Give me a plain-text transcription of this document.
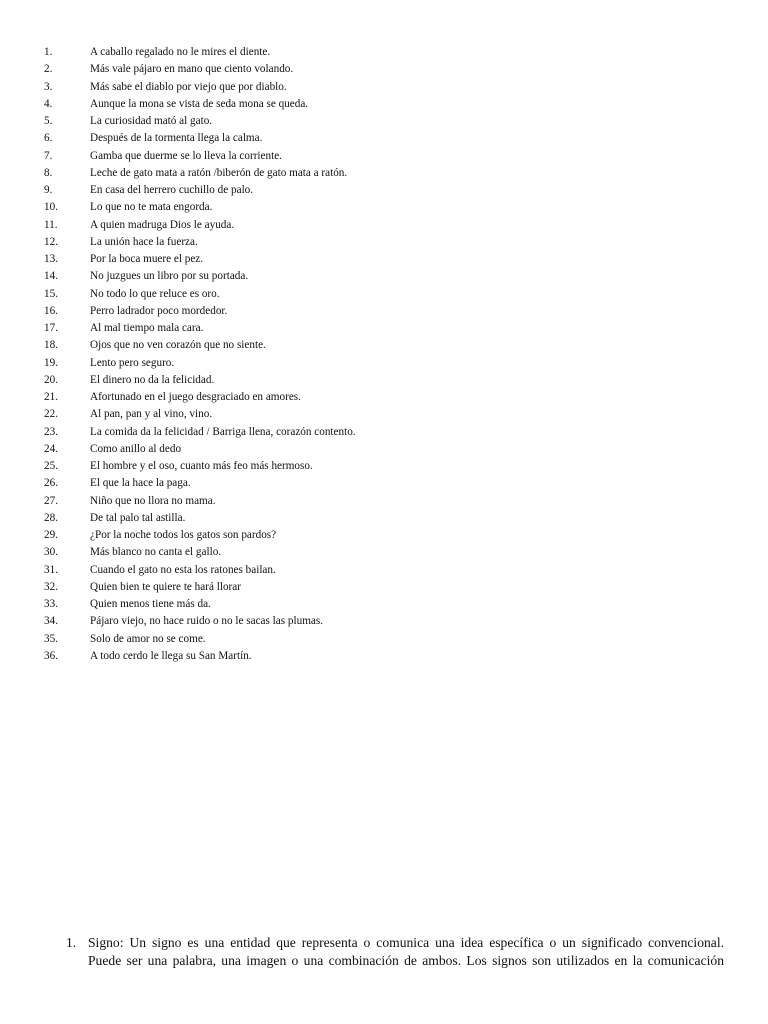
1.	A caballo regalado no le mires el diente.
2.	Más vale pájaro en mano que ciento volando.
3.	Más sabe el diablo por viejo que por diablo.
4.	Aunque la mona se vista de seda mona se queda.
5.	La curiosidad mató al gato.
6.	Después de la tormenta llega la calma.
7.	Gamba que duerme se lo lleva la corriente.
8.	Leche de gato mata a ratón /biberón de gato mata a ratón.
9.	En casa del herrero cuchillo de palo.
10.	Lo que no te mata engorda.
11.	A quien madruga Dios le ayuda.
12.	La unión hace la fuerza.
13.	Por la boca muere el pez.
14.	No juzgues un libro por su portada.
15.	No todo lo que reluce es oro.
16.	Perro ladrador poco mordedor.
17.	Al mal tiempo mala cara.
18.	Ojos que no ven corazón que no siente.
19.	Lento pero seguro.
20.	El dinero no da la felicidad.
21.	Afortunado en el juego desgraciado en amores.
22.	Al pan, pan y al vino, vino.
23.	La comida da la felicidad / Barriga llena, corazón contento.
24.	Como anillo al dedo
25.	El hombre y el oso, cuanto más feo más hermoso.
26.	El que la hace la paga.
27.	Niño que no llora no mama.
28.	De tal palo tal astilla.
29.	¿Por la noche todos los gatos son pardos?
30.	Más blanco no canta el gallo.
31.	Cuando el gato no esta los ratones bailan.
32.	Quien bien te quiere te hará llorar
33.	Quien menos tiene más da.
34.	Pájaro viejo, no hace ruido o no le sacas las plumas.
35.	Solo de amor no se come.
36.	A todo cerdo le llega su San Martín.
1. Signo: Un signo es una entidad que representa o comunica una idea específica o un significado convencional.
Puede ser una palabra, una imagen o una combinación de ambos. Los signos son utilizados en la comunicación
